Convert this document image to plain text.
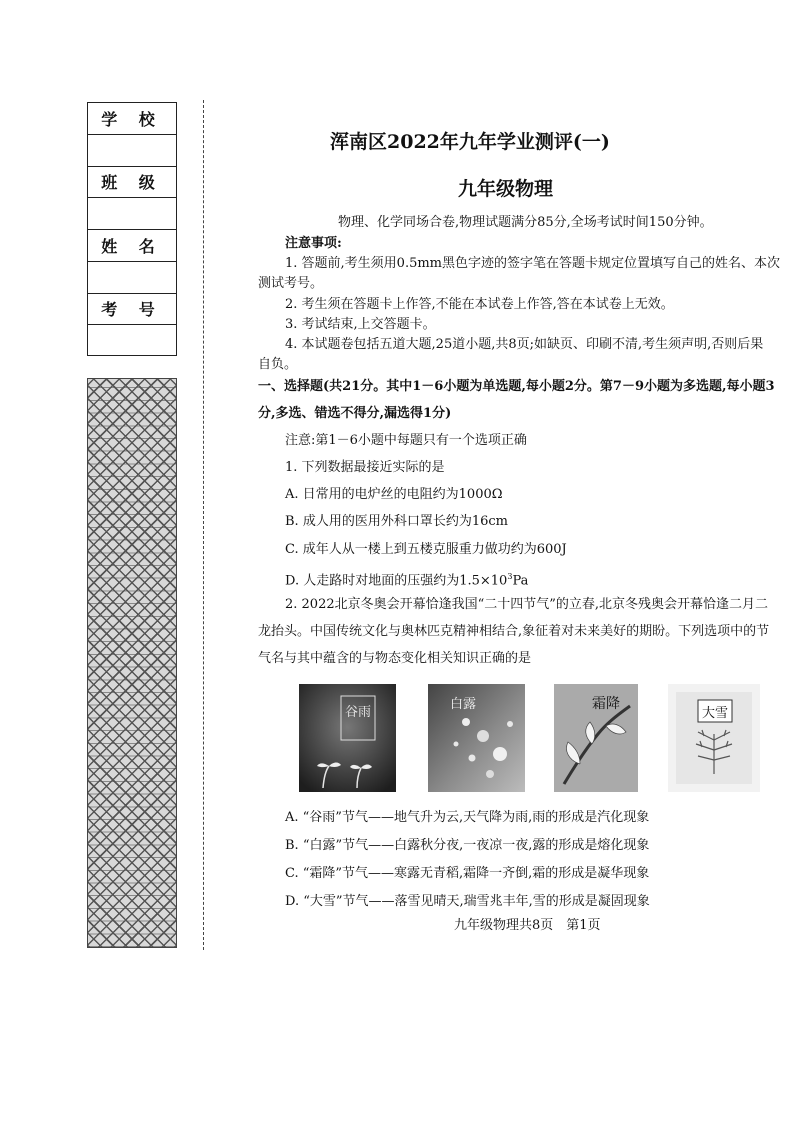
学 校
班 级
姓 名
考 号
浑南区2022年九年学业测评(一)
九年级物理
物理、化学同场合卷,物理试题满分85分,全场考试时间150分钟。
注意事项:
1. 答题前,考生须用0.5mm黑色字迹的签字笔在答题卡规定位置填写自己的姓名、本次
测试考号。
2. 考生须在答题卡上作答,不能在本试卷上作答,答在本试卷上无效。
3. 考试结束,上交答题卡。
4. 本试题卷包括五道大题,25道小题,共8页;如缺页、印刷不清,考生须声明,否则后果
自负。
一、选择题(共21分。其中1－6小题为单选题,每小题2分。第7－9小题为多选题,每小题3
分,多选、错选不得分,漏选得1分)
注意:第1－6小题中每题只有一个选项正确
1. 下列数据最接近实际的是
A. 日常用的电炉丝的电阻约为1000Ω
B. 成人用的医用外科口罩长约为16cm
C. 成年人从一楼上到五楼克服重力做功约为600J
D. 人走路时对地面的压强约为$1.5\times 10^3Pa$
2. 2022北京冬奥会开幕恰逢我国“二十四节气”的立春,北京冬残奥会开幕恰逢二月二
龙抬头。中国传统文化与奥林匹克精神相结合,象征着对未来美好的期盼。下列选项中的节
气名与其中蕴含的与物态变化相关知识正确的是
谷雨
白露	霜降
大雪
A. “谷雨”节气——地气升为云,天气降为雨,雨的形成是汽化现象
B. “白露”节气——白露秋分夜,一夜凉一夜,露的形成是熔化现象
C. “霜降”节气——寒露无青稻,霜降一齐倒,霜的形成是凝华现象
D. “大雪”节气——落雪见晴天,瑞雪兆丰年,雪的形成是凝固现象
九年级物理共8页　第1页
